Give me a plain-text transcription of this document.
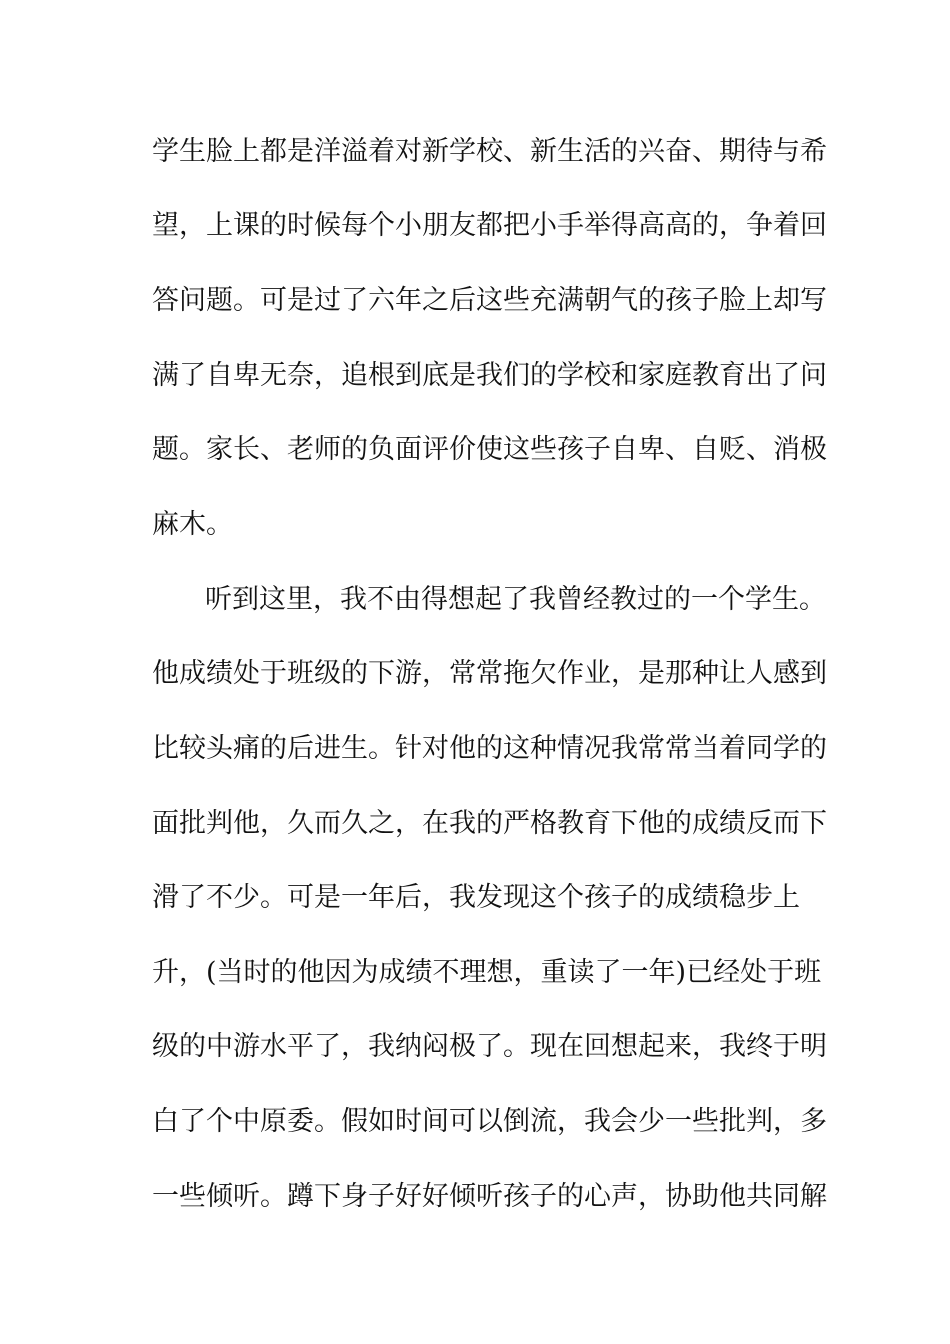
学生脸上都是洋溢着对新学校、新生活的兴奋、期待与希
望，上课的时候每个小朋友都把小手举得高高的，争着回
答问题。可是过了六年之后这些充满朝气的孩子脸上却写
满了自卑无奈，追根到底是我们的学校和家庭教育出了问
题。家长、老师的负面评价使这些孩子自卑、自贬、消极
麻木。
听到这里，我不由得想起了我曾经教过的一个学生。
他成绩处于班级的下游，常常拖欠作业，是那种让人感到
比较头痛的后进生。针对他的这种情况我常常当着同学的
面批判他，久而久之，在我的严格教育下他的成绩反而下
滑了不少。可是一年后，我发现这个孩子的成绩稳步上
升，(当时的他因为成绩不理想，重读了一年)已经处于班
级的中游水平了，我纳闷极了。现在回想起来，我终于明
白了个中原委。假如时间可以倒流，我会少一些批判，多
一些倾听。蹲下身子好好倾听孩子的心声，协助他共同解
